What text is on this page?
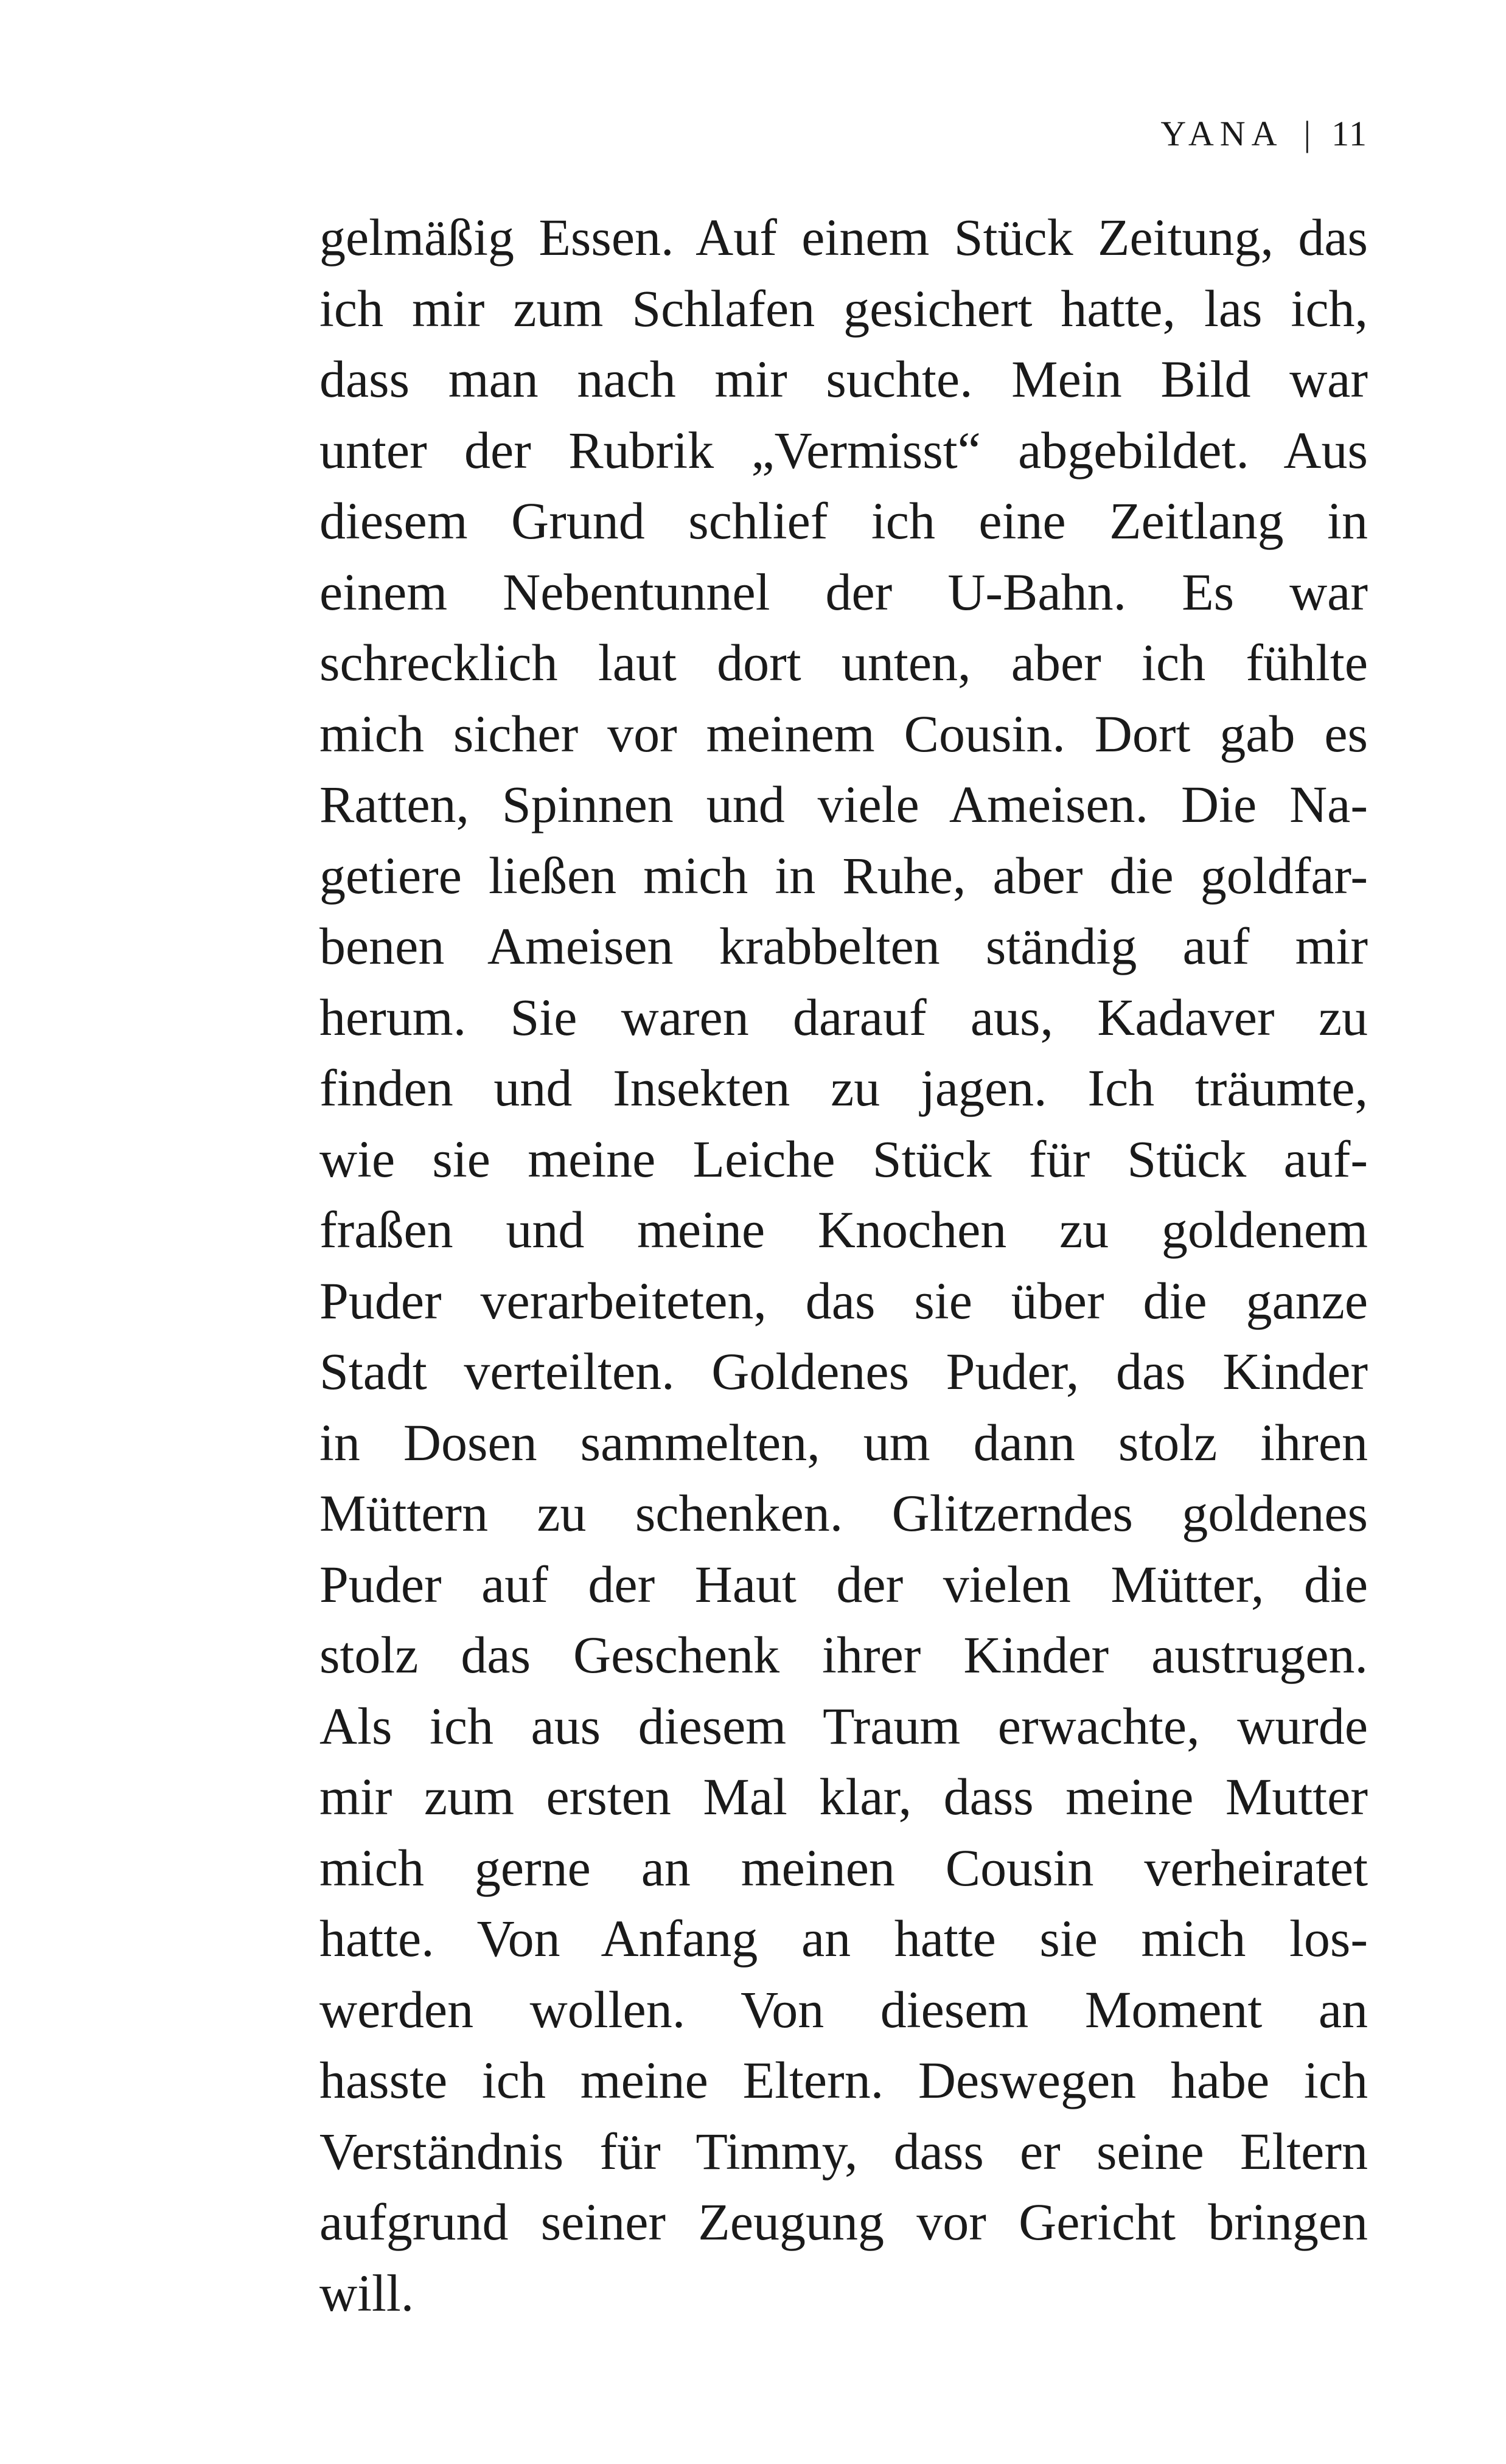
YANA | 11
gelmäßig Essen. Auf einem Stück Zeitung, das
ich mir zum Schlafen gesichert hatte, las ich,
dass man nach mir suchte. Mein Bild war
unter der Rubrik „Vermisst“ abgebildet. Aus
diesem Grund schlief ich eine Zeitlang in
einem Nebentunnel der U-Bahn. Es war
schrecklich laut dort unten, aber ich fühlte
mich sicher vor meinem Cousin. Dort gab es
Ratten, Spinnen und viele Ameisen. Die Na-
getiere ließen mich in Ruhe, aber die goldfar-
benen Ameisen krabbelten ständig auf mir
herum. Sie waren darauf aus, Kadaver zu
finden und Insekten zu jagen. Ich träumte,
wie sie meine Leiche Stück für Stück auf-
fraßen und meine Knochen zu goldenem
Puder verarbeiteten, das sie über die ganze
Stadt verteilten. Goldenes Puder, das Kinder
in Dosen sammelten, um dann stolz ihren
Müttern zu schenken. Glitzerndes goldenes
Puder auf der Haut der vielen Mütter, die
stolz das Geschenk ihrer Kinder austrugen.
Als ich aus diesem Traum erwachte, wurde
mir zum ersten Mal klar, dass meine Mutter
mich gerne an meinen Cousin verheiratet
hatte. Von Anfang an hatte sie mich los-
werden wollen. Von diesem Moment an
hasste ich meine Eltern. Deswegen habe ich
Verständnis für Timmy, dass er seine Eltern
aufgrund seiner Zeugung vor Gericht bringen
will.
